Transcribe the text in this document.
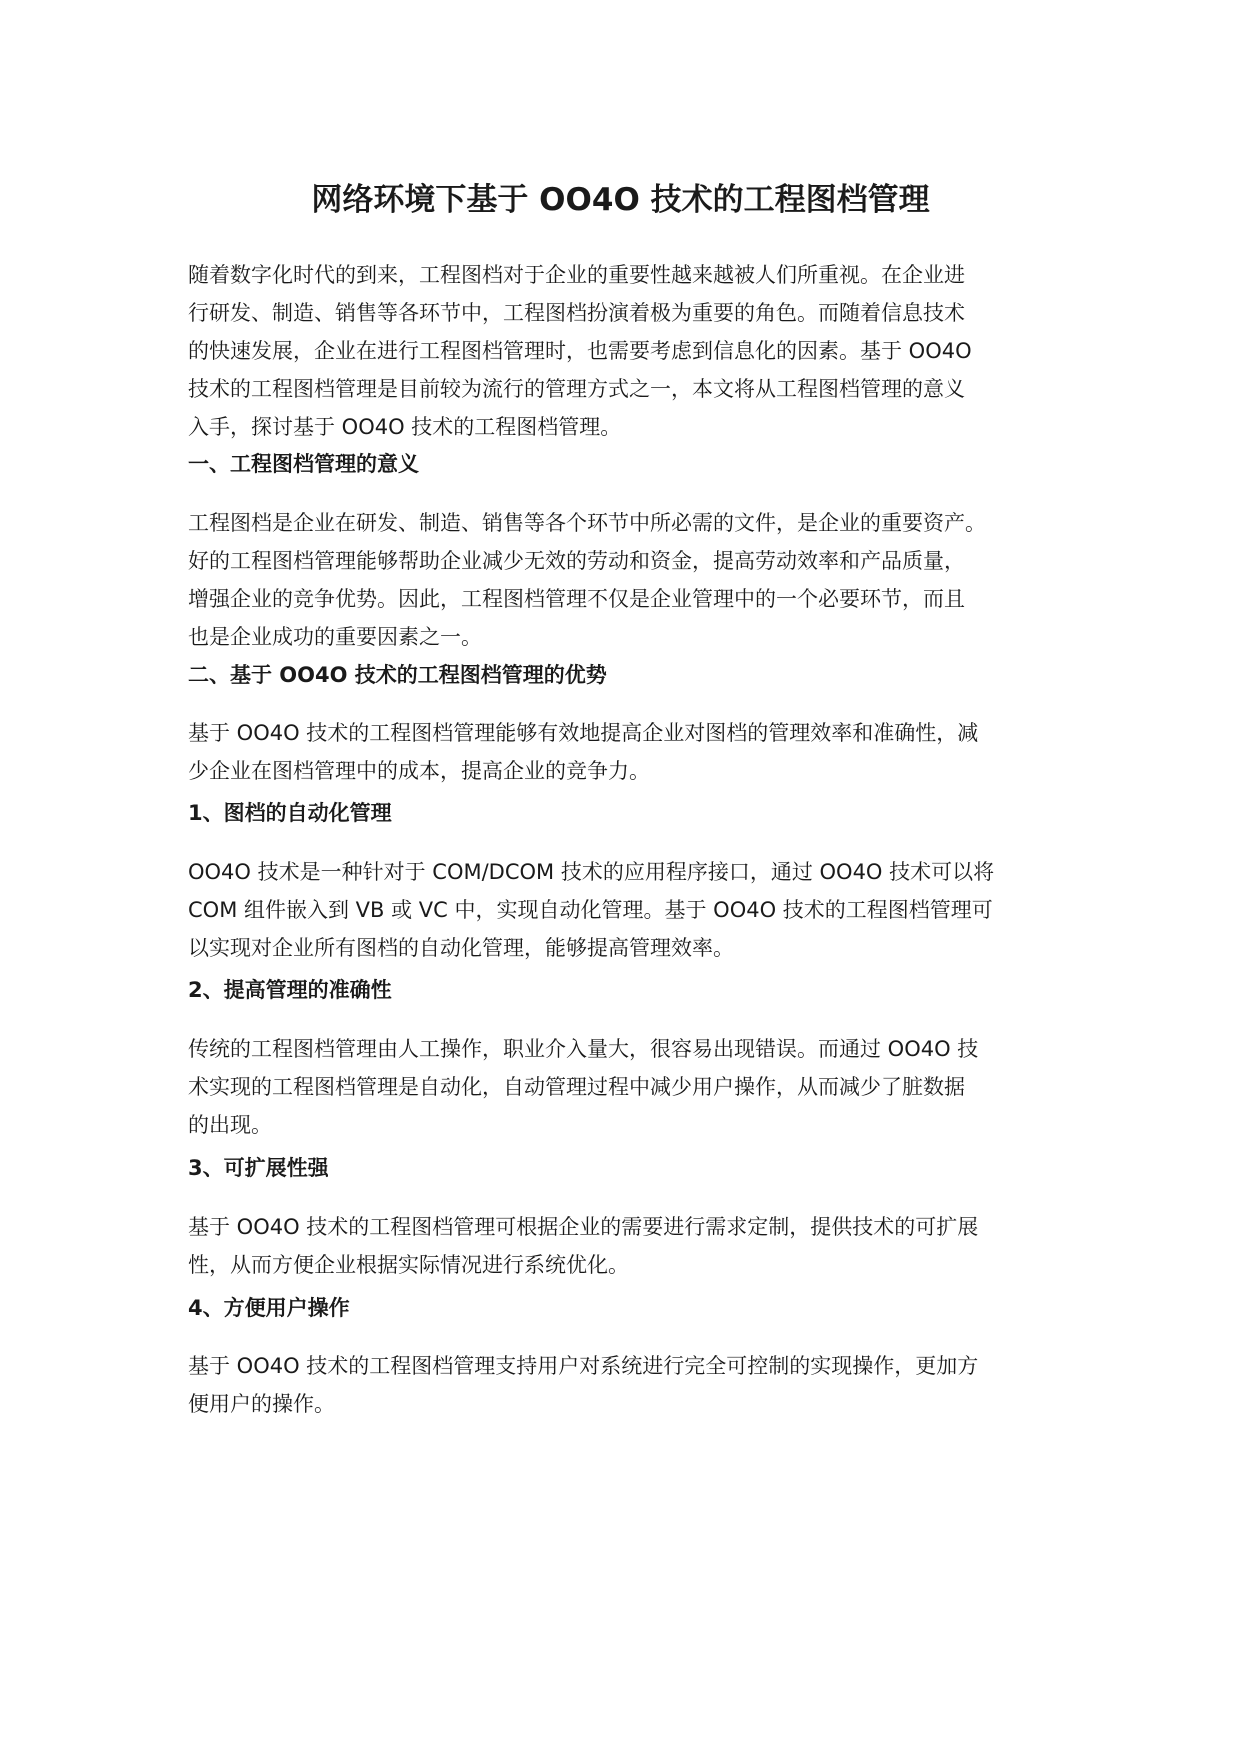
网络环境下基于 OO4O 技术的工程图档管理

随着数字化时代的到来，工程图档对于企业的重要性越来越被人们所重视。在企业进
行研发、制造、销售等各环节中，工程图档扮演着极为重要的角色。而随着信息技术
的快速发展，企业在进行工程图档管理时，也需要考虑到信息化的因素。基于 OO4O
技术的工程图档管理是目前较为流行的管理方式之一，本文将从工程图档管理的意义
入手，探讨基于 OO4O 技术的工程图档管理。

一、工程图档管理的意义

工程图档是企业在研发、制造、销售等各个环节中所必需的文件，是企业的重要资产。
好的工程图档管理能够帮助企业减少无效的劳动和资金，提高劳动效率和产品质量，
增强企业的竞争优势。因此，工程图档管理不仅是企业管理中的一个必要环节，而且
也是企业成功的重要因素之一。

二、基于 OO4O 技术的工程图档管理的优势

基于 OO4O 技术的工程图档管理能够有效地提高企业对图档的管理效率和准确性，减
少企业在图档管理中的成本，提高企业的竞争力。

1、图档的自动化管理

OO4O 技术是一种针对于 COM/DCOM 技术的应用程序接口，通过 OO4O 技术可以将
COM 组件嵌入到 VB 或 VC 中，实现自动化管理。基于 OO4O 技术的工程图档管理可
以实现对企业所有图档的自动化管理，能够提高管理效率。

2、提高管理的准确性

传统的工程图档管理由人工操作，职业介入量大，很容易出现错误。而通过 OO4O 技
术实现的工程图档管理是自动化，自动管理过程中减少用户操作，从而减少了脏数据
的出现。

3、可扩展性强

基于 OO4O 技术的工程图档管理可根据企业的需要进行需求定制，提供技术的可扩展
性，从而方便企业根据实际情况进行系统优化。

4、方便用户操作

基于 OO4O 技术的工程图档管理支持用户对系统进行完全可控制的实现操作，更加方
便用户的操作。
